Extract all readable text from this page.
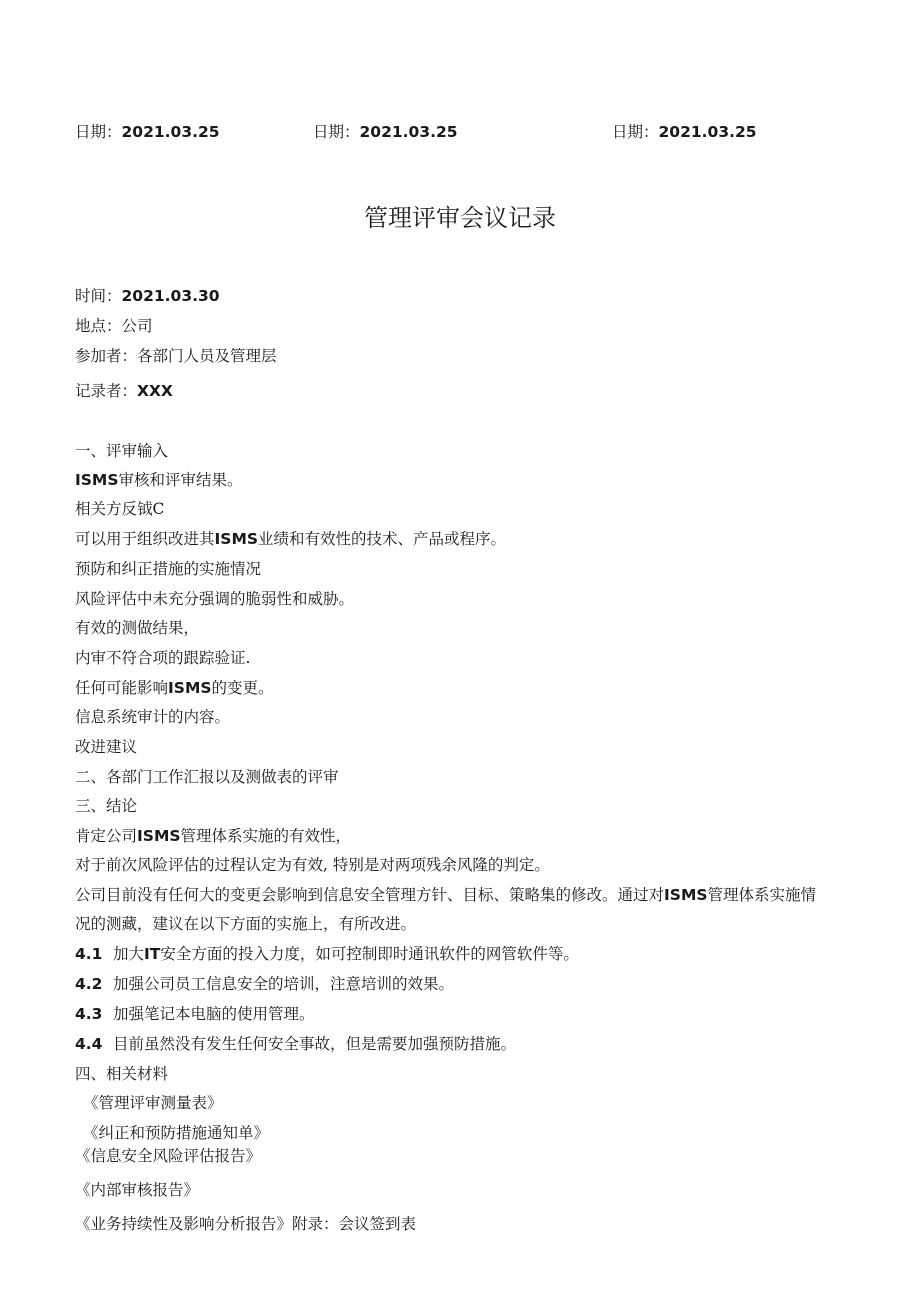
日期：2021.03.25	日期：2021.03.25	日期：2021.03.25
管理评审会议记录
时间：2021.03.30
地点：公司
参加者：各部门人员及管理层
记录者：XXX
一、评审输入
ISMS审核和评审结果。
相关方反钺C
可以用于组织改进其ISMS业绩和有效性的技术、产品或程序。
预防和纠正措施的实施情况
风险评估中未充分强调的脆弱性和威胁。
有效的测做结果，
内审不符合项的跟踪验证.
任何可能影响ISMS的变更。
信息系统审计的内容。
改进建议
二、各部门工作汇报以及测做表的评审
三、结论
肯定公司ISMS管理体系实施的有效性，
对于前次风险评估的过程认定为有效, 特别是对两项残余风隆的判定。
公司目前没有任何大的变更会影响到信息安全管理方针、目标、策略集的修改。通过对ISMS管理体系实施情
况的测藏，建议在以下方面的实施上，有所改进。
4.1 加大IT安全方面的投入力度，如可控制即时通讯软件的网管软件等。
4.2 加强公司员工信息安全的培训，注意培训的效果。
4.3 加强笔记本电脑的使用管理。
4.4 目前虽然没有发生任何安全事故，但是需要加强预防措施。
四、相关材料
《管理评审测量表》
《纠正和预防措施通知单》
《信息安全风险评估报告》
《内部审核报告》
《业务持续性及影响分析报告》附录：会议签到表
